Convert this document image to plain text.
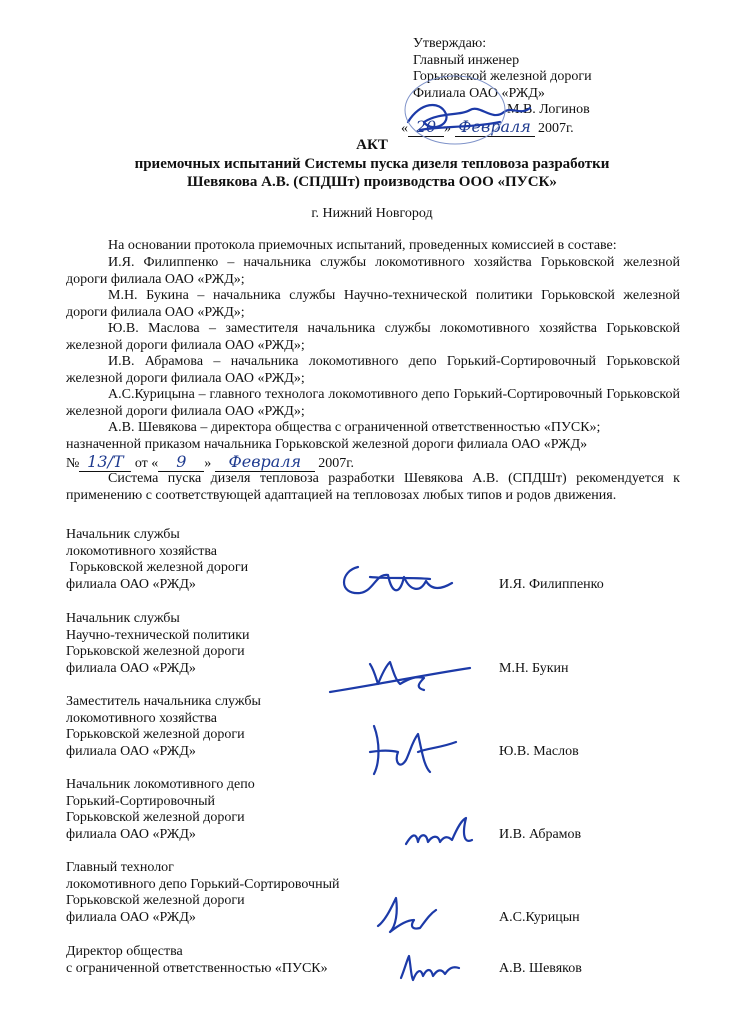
Утверждаю:
Главный инженер
Горьковской железной дороги
Филиала ОАО «РЖД»
М.В. Логинов
« 20 » Февраля 2007г.
АКТ
приемочных испытаний Системы пуска дизеля тепловоза разработки
Шевякова А.В. (СПДШт) производства ООО «ПУСК»
г. Нижний Новгород
На основании протокола приемочных испытаний, проведенных комиссией в составе:
И.Я. Филиппенко – начальника службы локомотивного хозяйства Горьковской железной дороги филиала ОАО «РЖД»;
М.Н. Букина – начальника службы Научно-технической политики Горьковской железной дороги филиала ОАО «РЖД»;
Ю.В. Маслова – заместителя начальника службы локомотивного хозяйства Горьковской железной дороги филиала ОАО «РЖД»;
И.В. Абрамова – начальника локомотивного депо Горький-Сортировочный Горьковской железной дороги филиала ОАО «РЖД»;
А.С.Курицына – главного технолога локомотивного депо Горький-Сортировочный Горьковской железной дороги филиала ОАО «РЖД»;
А.В. Шевякова – директора общества с ограниченной ответственностью «ПУСК»;
назначенной приказом начальника Горьковской железной дороги филиала ОАО «РЖД»
№ 13/Т от « 9 » Февраля 2007г.
Система пуска дизеля тепловоза разработки Шевякова А.В. (СПДШт) рекомендуется к применению с соответствующей адаптацией на тепловозах любых типов и родов движения.
Начальник службы
локомотивного хозяйства
Горьковской железной дороги
филиала ОАО «РЖД»	И.Я. Филиппенко
Начальник службы
Научно-технической политики
Горьковской железной дороги
филиала ОАО «РЖД»	М.Н. Букин
Заместитель начальника службы
локомотивного хозяйства
Горьковской железной дороги
филиала ОАО «РЖД»	Ю.В. Маслов
Начальник локомотивного депо
Горький-Сортировочный
Горьковской железной дороги
филиала ОАО «РЖД»	И.В. Абрамов
Главный технолог
локомотивного депо Горький-Сортировочный
Горьковской железной дороги
филиала ОАО «РЖД»	А.С.Курицын
Директор общества
с ограниченной ответственностью «ПУСК»	А.В. Шевяков
